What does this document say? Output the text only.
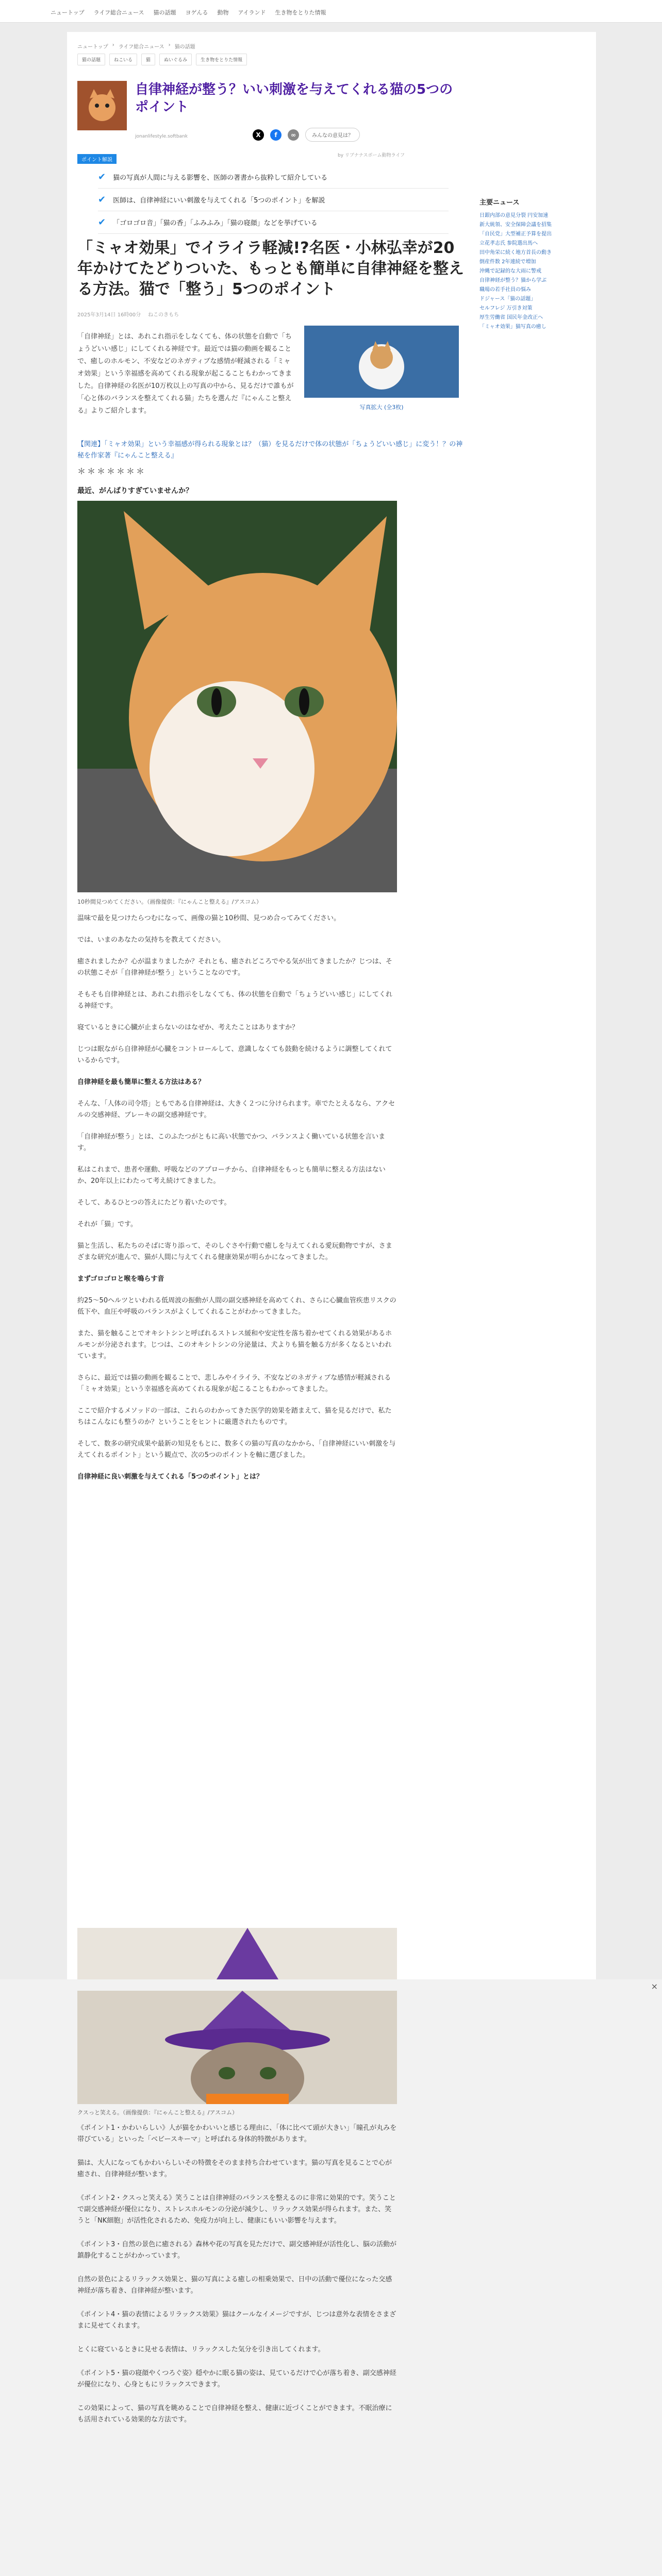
ニュートップ ライフ総合ニュース 猫の話題 ヨゲんる 動物 アイランド 生き物をとりた情報
ニュートップ › ライフ総合ニュース › 猫の話題
猫の話題	ねこいる	猫	ぬいぐるみ	生き物をとりた情報
自律神経が整う？いい刺激を与えてくれる猫の5つのポイント
jonanlifestyle.softbank	X	f	∞	みんなの意見は？
by リブナナスボーム動物ライフ
ポイント解説
✔ 猫の写真が人間に与える影響を、医師の著書から抜粋して紹介している
✔ 医師は、自律神経にいい刺激を与えてくれる「5つのポイント」を解説
✔ 「ゴロゴロ音」「猫の香」「ふみふみ」「猫の寝顔」などを挙げている
「ミャオ効果」でイライラ軽減!?名医・小林弘幸が20年かけてたどりついた、もっとも簡単に自律神経を整える方法。猫で「整う」5つのポイント
2025年3月14日 16時00分 ねこのきもち
「自律神経」とは、あれこれ指示をしなくても、体の状態を自動で「ちょうどいい感じ」にしてくれる神経です。最近では猫の動画を観ることで、癒しのホルモン、不安などのネガティブな感情が軽減される「ミャオ効果」という幸福感を高めてくれる現象が起こることもわかってきました。自律神経の名医が10万枚以上の写真の中から、見るだけで誰もが「心と体のバランスを整えてくれる猫」たちを選んだ『にゃんこと整える』よりご紹介します。	写真拡大 (全3枚)
【関連】「ミャオ効果」という幸福感が得られる現象とは？（猫）を見るだけで体の状態が「ちょうどいい感じ」に変う！？の神秘を作家著『にゃんこと整える』
＊＊＊＊＊＊＊
最近、がんばりすぎていませんか？
10秒間見つめてください。（画像提供：『にゃんこと整える』/アスコム）
温味で最を見つけたらつむになって、画像の猫と10秒間、見つめ合ってみてください。
では、いまのあなたの気持ちを教えてください。
癒されましたか？心が温まりましたか？それとも、癒されどころでやる気が出てきましたか？じつは、その状態こそが「自律神経が整う」ということなのです。
そもそも自律神経とは、あれこれ指示をしなくても、体の状態を自動で「ちょうどいい感じ」にしてくれる神経です。
寝ているときに心臓が止まらないのはなぜか、考えたことはありますか？
じつは眠ながら自律神経が心臓をコントロールして、意識しなくても鼓動を続けるように調整してくれているからです。
自律神経を最も簡単に整える方法はある？
そんな、「人体の司令塔」ともである自律神経は、大きく２つに分けられます。車でたとえるなら、アクセルの交感神経、ブレーキの副交感神経です。
「自律神経が整う」とは、このふたつがともに高い状態でかつ、バランスよく働いている状態を言います。
私はこれまで、患者や運動、呼吸などのアプローチから、自律神経をもっとも簡単に整える方法はないか、20年以上にわたって考え続けてきました。
そして、あるひとつの答えにたどり着いたのです。
それが「猫」です。
猫と生活し、私たちのそばに寄り添って、そのしぐさや行動で癒しを与えてくれる愛玩動物ですが、さまざまな研究が進んで、猫が人間に与えてくれる健康効果が明らかになってきました。
まずゴロゴロと喉を鳴らす音
約25〜50ヘルツといわれる低周波の振動が人間の副交感神経を高めてくれ、さらに心臓血管疾患リスクの低下や、血圧や呼吸のバランスがよくしてくれることがわかってきました。
また、猫を触ることでオキシトシンと呼ばれるストレス緩和や安定性を落ち着かせてくれる効果があるホルモンが分泌されます。じつは、このオキシトシンの分泌量は、犬よりも猫を触る方が多くなるといわれています。
さらに、最近では猫の動画を観ることで、悲しみやイライラ、不安などのネガティブな感情が軽減される「ミャオ効果」という幸福感を高めてくれる現象が起こることもわかってきました。
ここで紹介するメソッドの一部は、これらのわかってきた医学的効果を踏まえて、猫を見るだけで、私たちはこんなにも整うのか？ということをヒントに厳選されたものです。
そして、数多の研究成果や最新の知見をもとに、数多くの猫の写真のなかから、「自律神経にいい刺激を与えてくれるポイント」という観点で、次の5つのポイントを軸に選びました。
自律神経に良い刺激を与えてくれる「5つのポイント」とは？
主要ニュース
日銀内部の意見分裂 円安加速
新大統領、安全保障会議を招集
「自民党」大型補正予算を提出
立花孝志氏 参院選出馬へ
田中角栄に続く地方首長の動き
倒産件数 2年連続で増加
沖縄で記録的な大雨に警戒
自律神経が整う？猫から学ぶ
職場の若手社員の悩み
ドジャース「猫の話題」
セルフレジ 万引き対策
厚生労働省 国民年金改正へ
「ミャオ効果」猫写真の癒し
×
クスっと笑える。（画像提供：『にゃんこと整える』/アスコム）
《ポイント1・かわいらしい》人が猫をかわいいと感じる理由に、「体に比べて頭が大きい」「瞳孔が丸みを帯びている」といった「ベビースキーマ」と呼ばれる身体的特徴があります。
猫は、大人になってもかわいらしいその特徴をそのまま持ち合わせています。猫の写真を見ることで心が癒され、自律神経が整います。
《ポイント2・クスっと笑える》笑うことは自律神経のバランスを整えるのに非常に効果的です。笑うことで副交感神経が優位になり、ストレスホルモンの分泌が減少し、リラックス効果が得られます。また、笑うと「NK細胞」が活性化されるため、免疫力が向上し、健康にもいい影響を与えます。
《ポイント3・自然の景色に癒される》森林や花の写真を見ただけで、副交感神経が活性化し、脳の活動が鎮静化することがわかっています。
自然の景色によるリラックス効果と、猫の写真による癒しの相乗効果で、日中の活動で優位になった交感神経が落ち着き、自律神経が整います。
《ポイント4・猫の表情によるリラックス効果》猫はクールなイメージですが、じつは意外な表情をさまざまに見せてくれます。
とくに寝ているときに見せる表情は、リラックスした気分を引き出してくれます。
《ポイント5・猫の寝顔やくつろぐ姿》穏やかに眠る猫の姿は、見ているだけで心が落ち着き、副交感神経が優位になり、心身ともにリラックスできます。
この効果によって、猫の写真を眺めることで自律神経を整え、健康に近づくことができます。不眠治療にも活用されている効果的な方法です。
